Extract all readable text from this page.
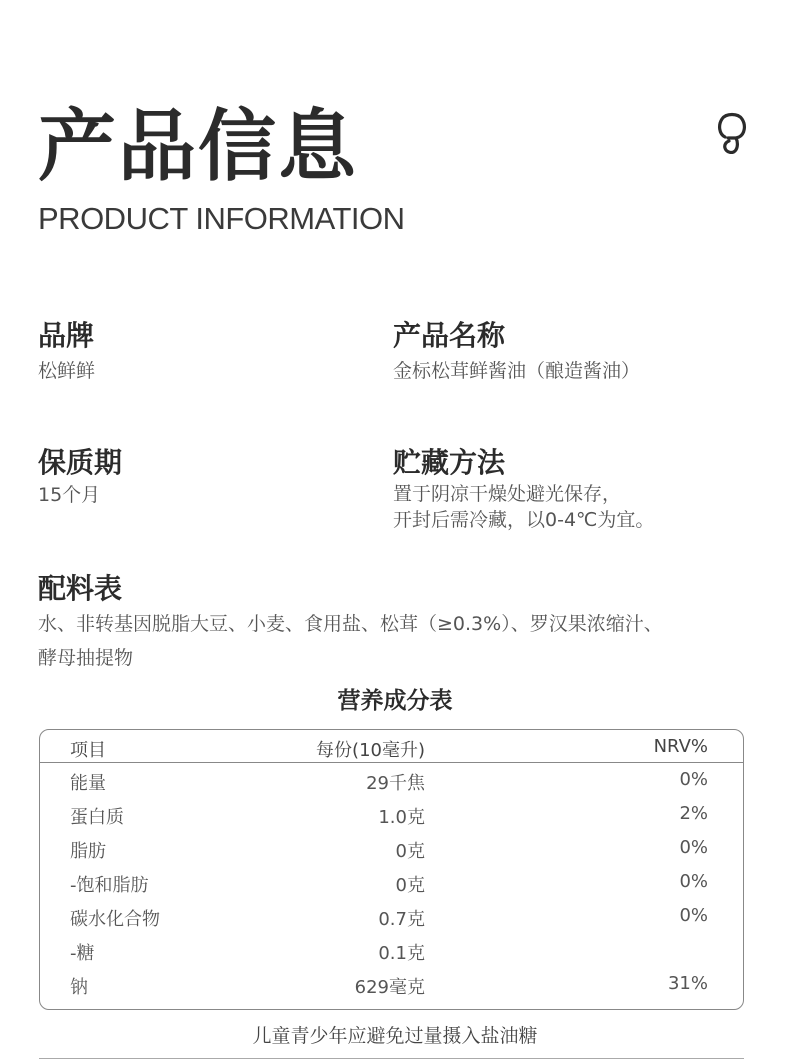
产品信息
PRODUCT INFORMATION
品牌
松鲜鲜
产品名称
金标松茸鲜酱油（酿造酱油）
保质期
15个月
贮藏方法
置于阴凉干燥处避光保存，
开封后需冷藏，以0-4℃为宜。
配料表
水、非转基因脱脂大豆、小麦、食用盐、松茸（≥0.3%）、罗汉果浓缩汁、
酵母抽提物
营养成分表
项目	每份(10毫升)	NRV%
能量	29千焦	0%
蛋白质	1.0克	2%
脂肪	0克	0%
-饱和脂肪	0克	0%
碳水化合物	0.7克	0%
-糖	0.1克
钠	629毫克	31%
儿童青少年应避免过量摄入盐油糖
